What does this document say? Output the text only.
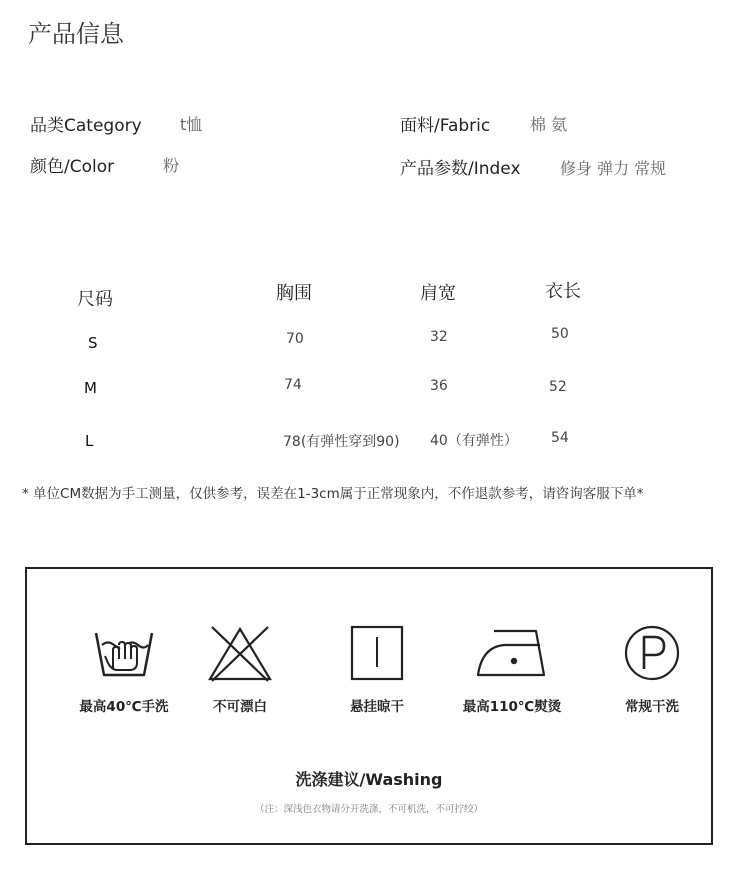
产品信息
品类Category t恤	面料/Fabric 棉 氨
颜色/Color	粉	产品参数/Index 修身 弹力 常规
尺码	胸围	肩宽	衣长
S	70	32	50
M	74	36	52
L	78(有弹性穿到90) 40（有弹性） 54
* 单位CM数据为手工测量，仅供参考，误差在1-3cm属于正常现象内，不作退款参考，请咨询客服下单*
最高40℃手洗	不可漂白	悬挂晾干	最高110℃熨烫	常规干洗
洗涤建议/Washing
（注：深浅色衣物请分开洗涤，不可机洗，不可拧绞）
